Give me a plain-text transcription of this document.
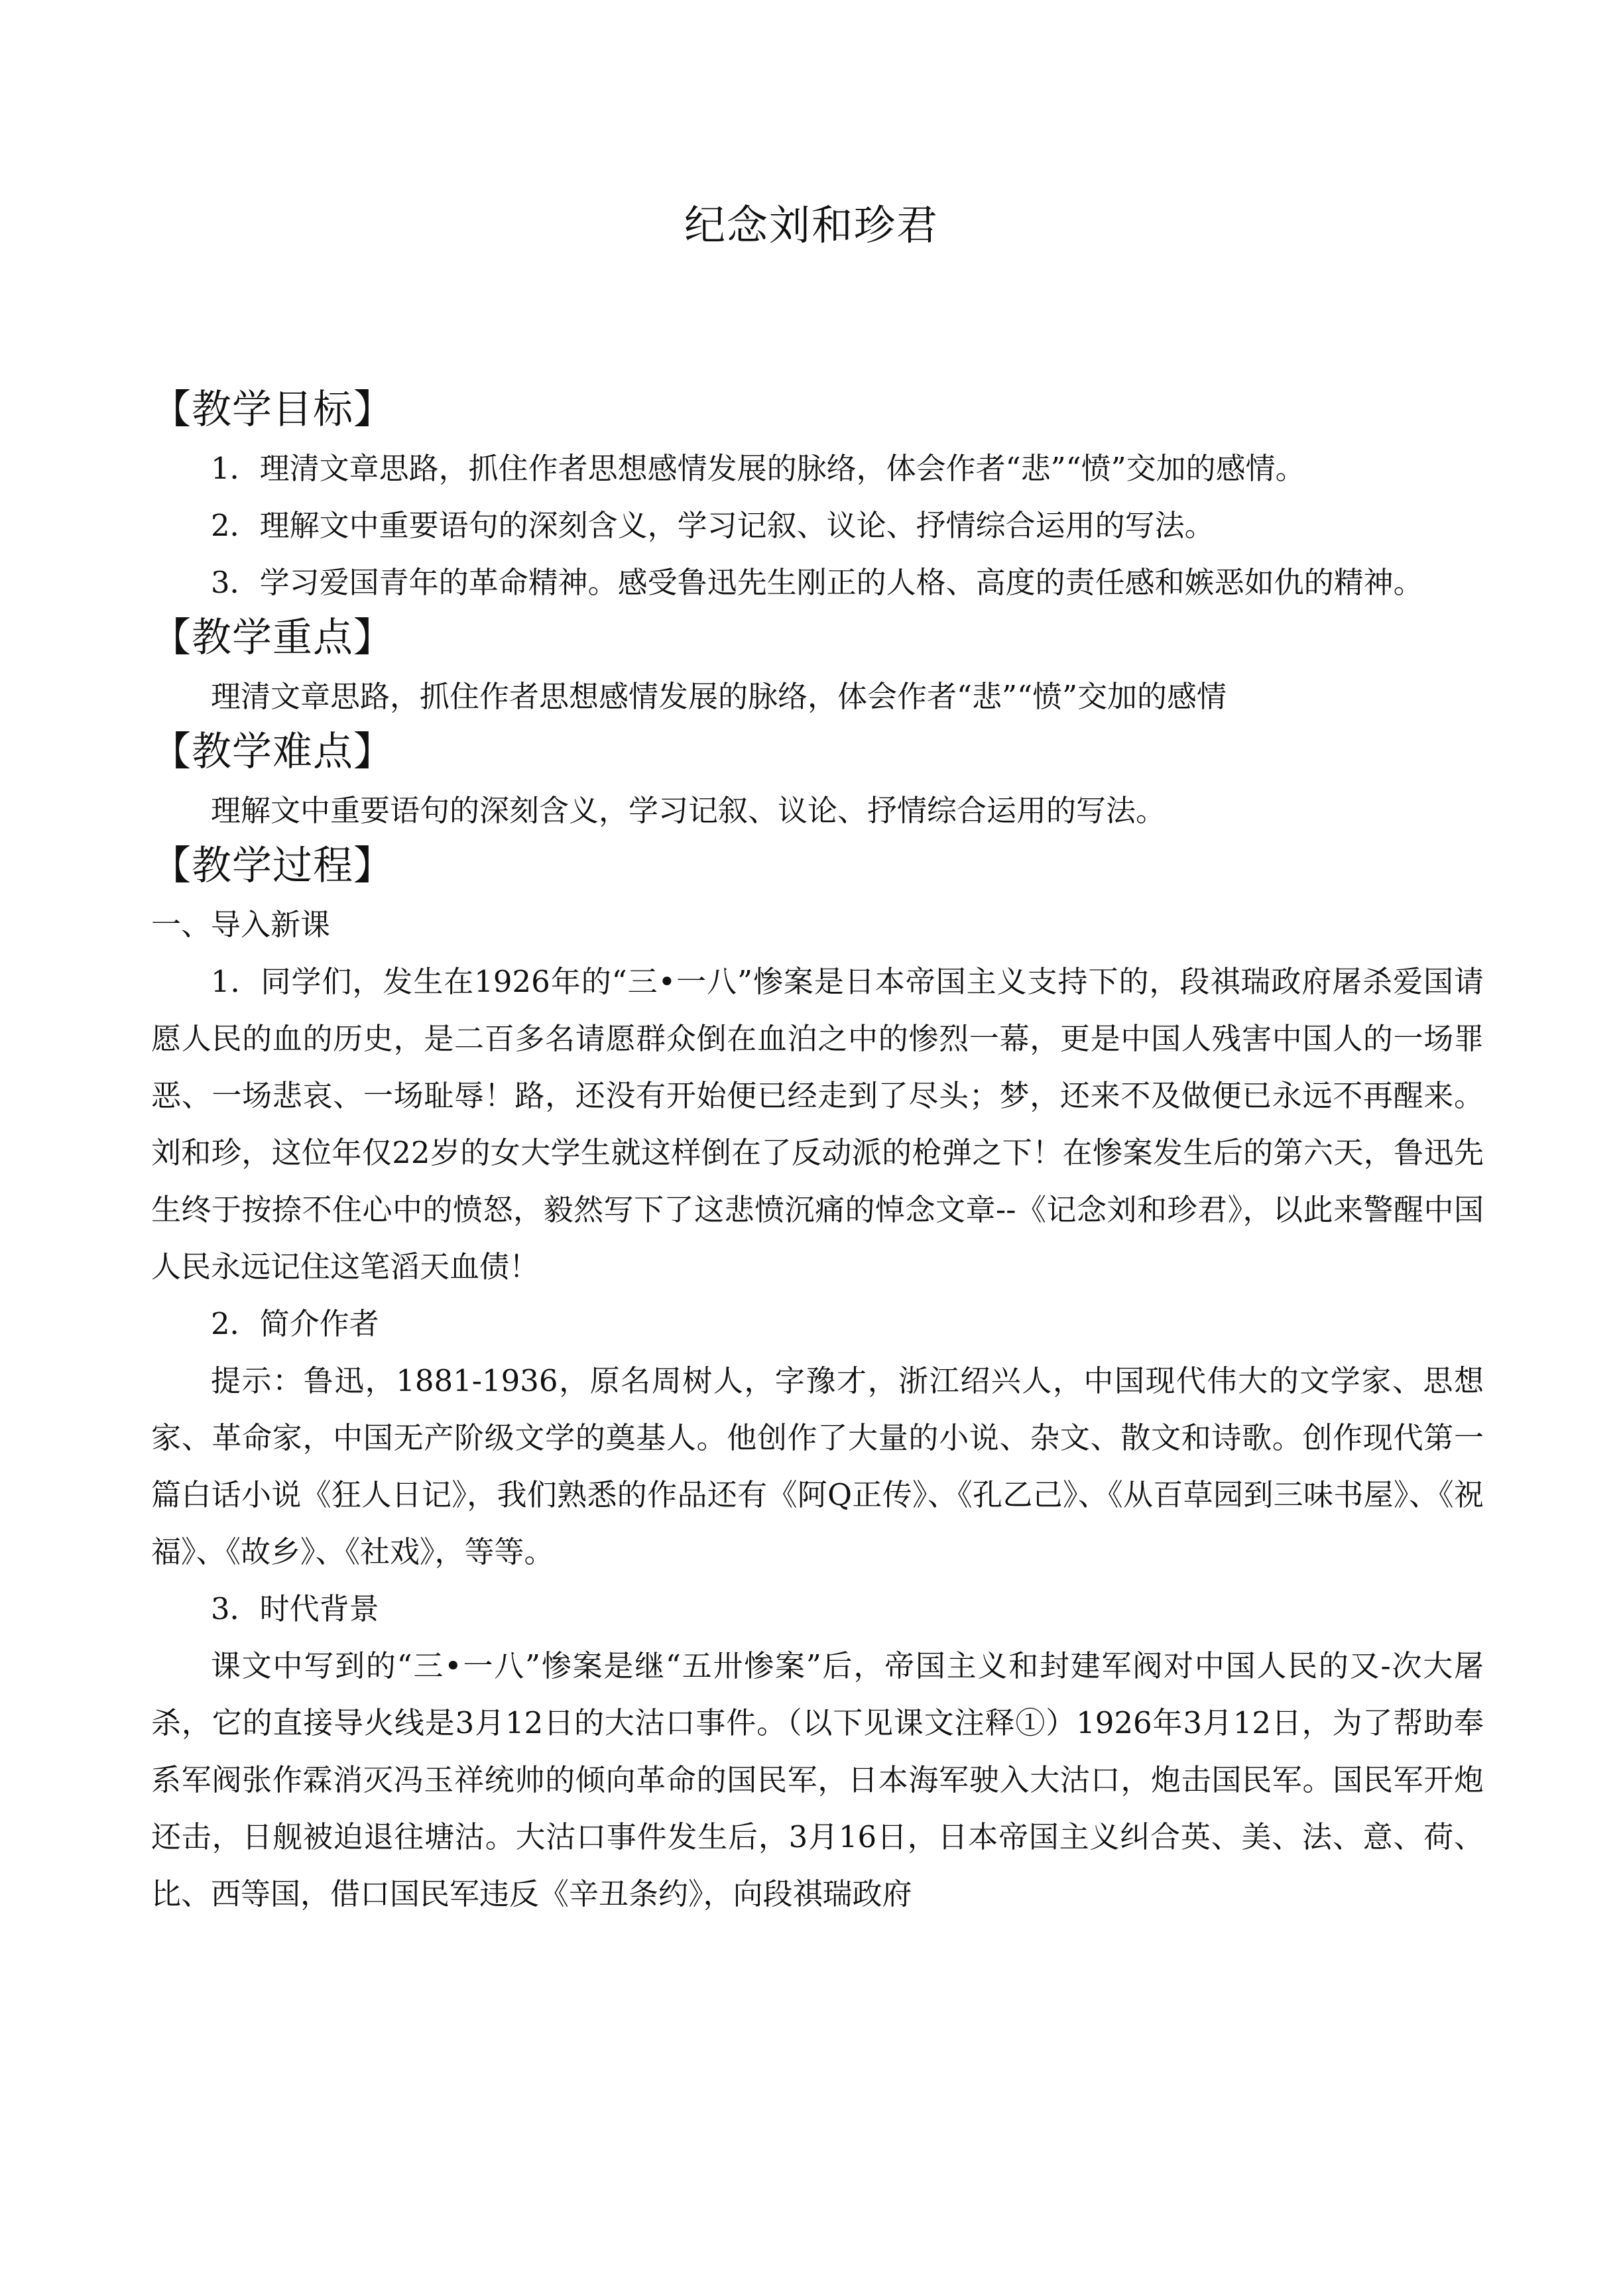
纪念刘和珍君
【教学目标】

1．理清文章思路，抓住作者思想感情发展的脉络，体会作者“悲”“愤”交加的感情。

2．理解文中重要语句的深刻含义，学习记叙、议论、抒情综合运用的写法。

3．学习爱国青年的革命精神。感受鲁迅先生刚正的人格、高度的责任感和嫉恶如仇的精神。

【教学重点】

理清文章思路，抓住作者思想感情发展的脉络，体会作者“悲”“愤”交加的感情

【教学难点】

理解文中重要语句的深刻含义，学习记叙、议论、抒情综合运用的写法。

【教学过程】

一、导入新课

1．同学们，发生在1926年的“三•一八”惨案是日本帝国主义支持下的，段祺瑞政府屠杀爱国请愿人民的血的历史，是二百多名请愿群众倒在血泊之中的惨烈一幕，更是中国人残害中国人的一场罪恶、一场悲哀、一场耻辱！路，还没有开始便已经走到了尽头；梦，还来不及做便已永远不再醒来。刘和珍，这位年仅22岁的女大学生就这样倒在了反动派的枪弹之下！在惨案发生后的第六天，鲁迅先生终于按捺不住心中的愤怒，毅然写下了这悲愤沉痛的悼念文章--《记念刘和珍君》，以此来警醒中国人民永远记住这笔滔天血债！

2．简介作者

提示：鲁迅，1881-1936，原名周树人，字豫才，浙江绍兴人，中国现代伟大的文学家、思想家、革命家，中国无产阶级文学的奠基人。他创作了大量的小说、杂文、散文和诗歌。创作现代第一篇白话小说《狂人日记》，我们熟悉的作品还有《阿Q正传》、《孔乙己》、《从百草园到三味书屋》、《祝福》、《故乡》、《社戏》，等等。

3．时代背景

课文中写到的“三•一八”惨案是继“五卅惨案”后，帝国主义和封建军阀对中国人民的又-次大屠杀，它的直接导火线是3月12日的大沽口事件。（以下见课文注释①）1926年3月12日，为了帮助奉系军阀张作霖消灭冯玉祥统帅的倾向革命的国民军，日本海军驶入大沽口，炮击国民军。国民军开炮还击，日舰被迫退往塘沽。大沽口事件发生后，3月16日，日本帝国主义纠合英、美、法、意、荷、比、西等国，借口国民军违反《辛丑条约》，向段祺瑞政府
